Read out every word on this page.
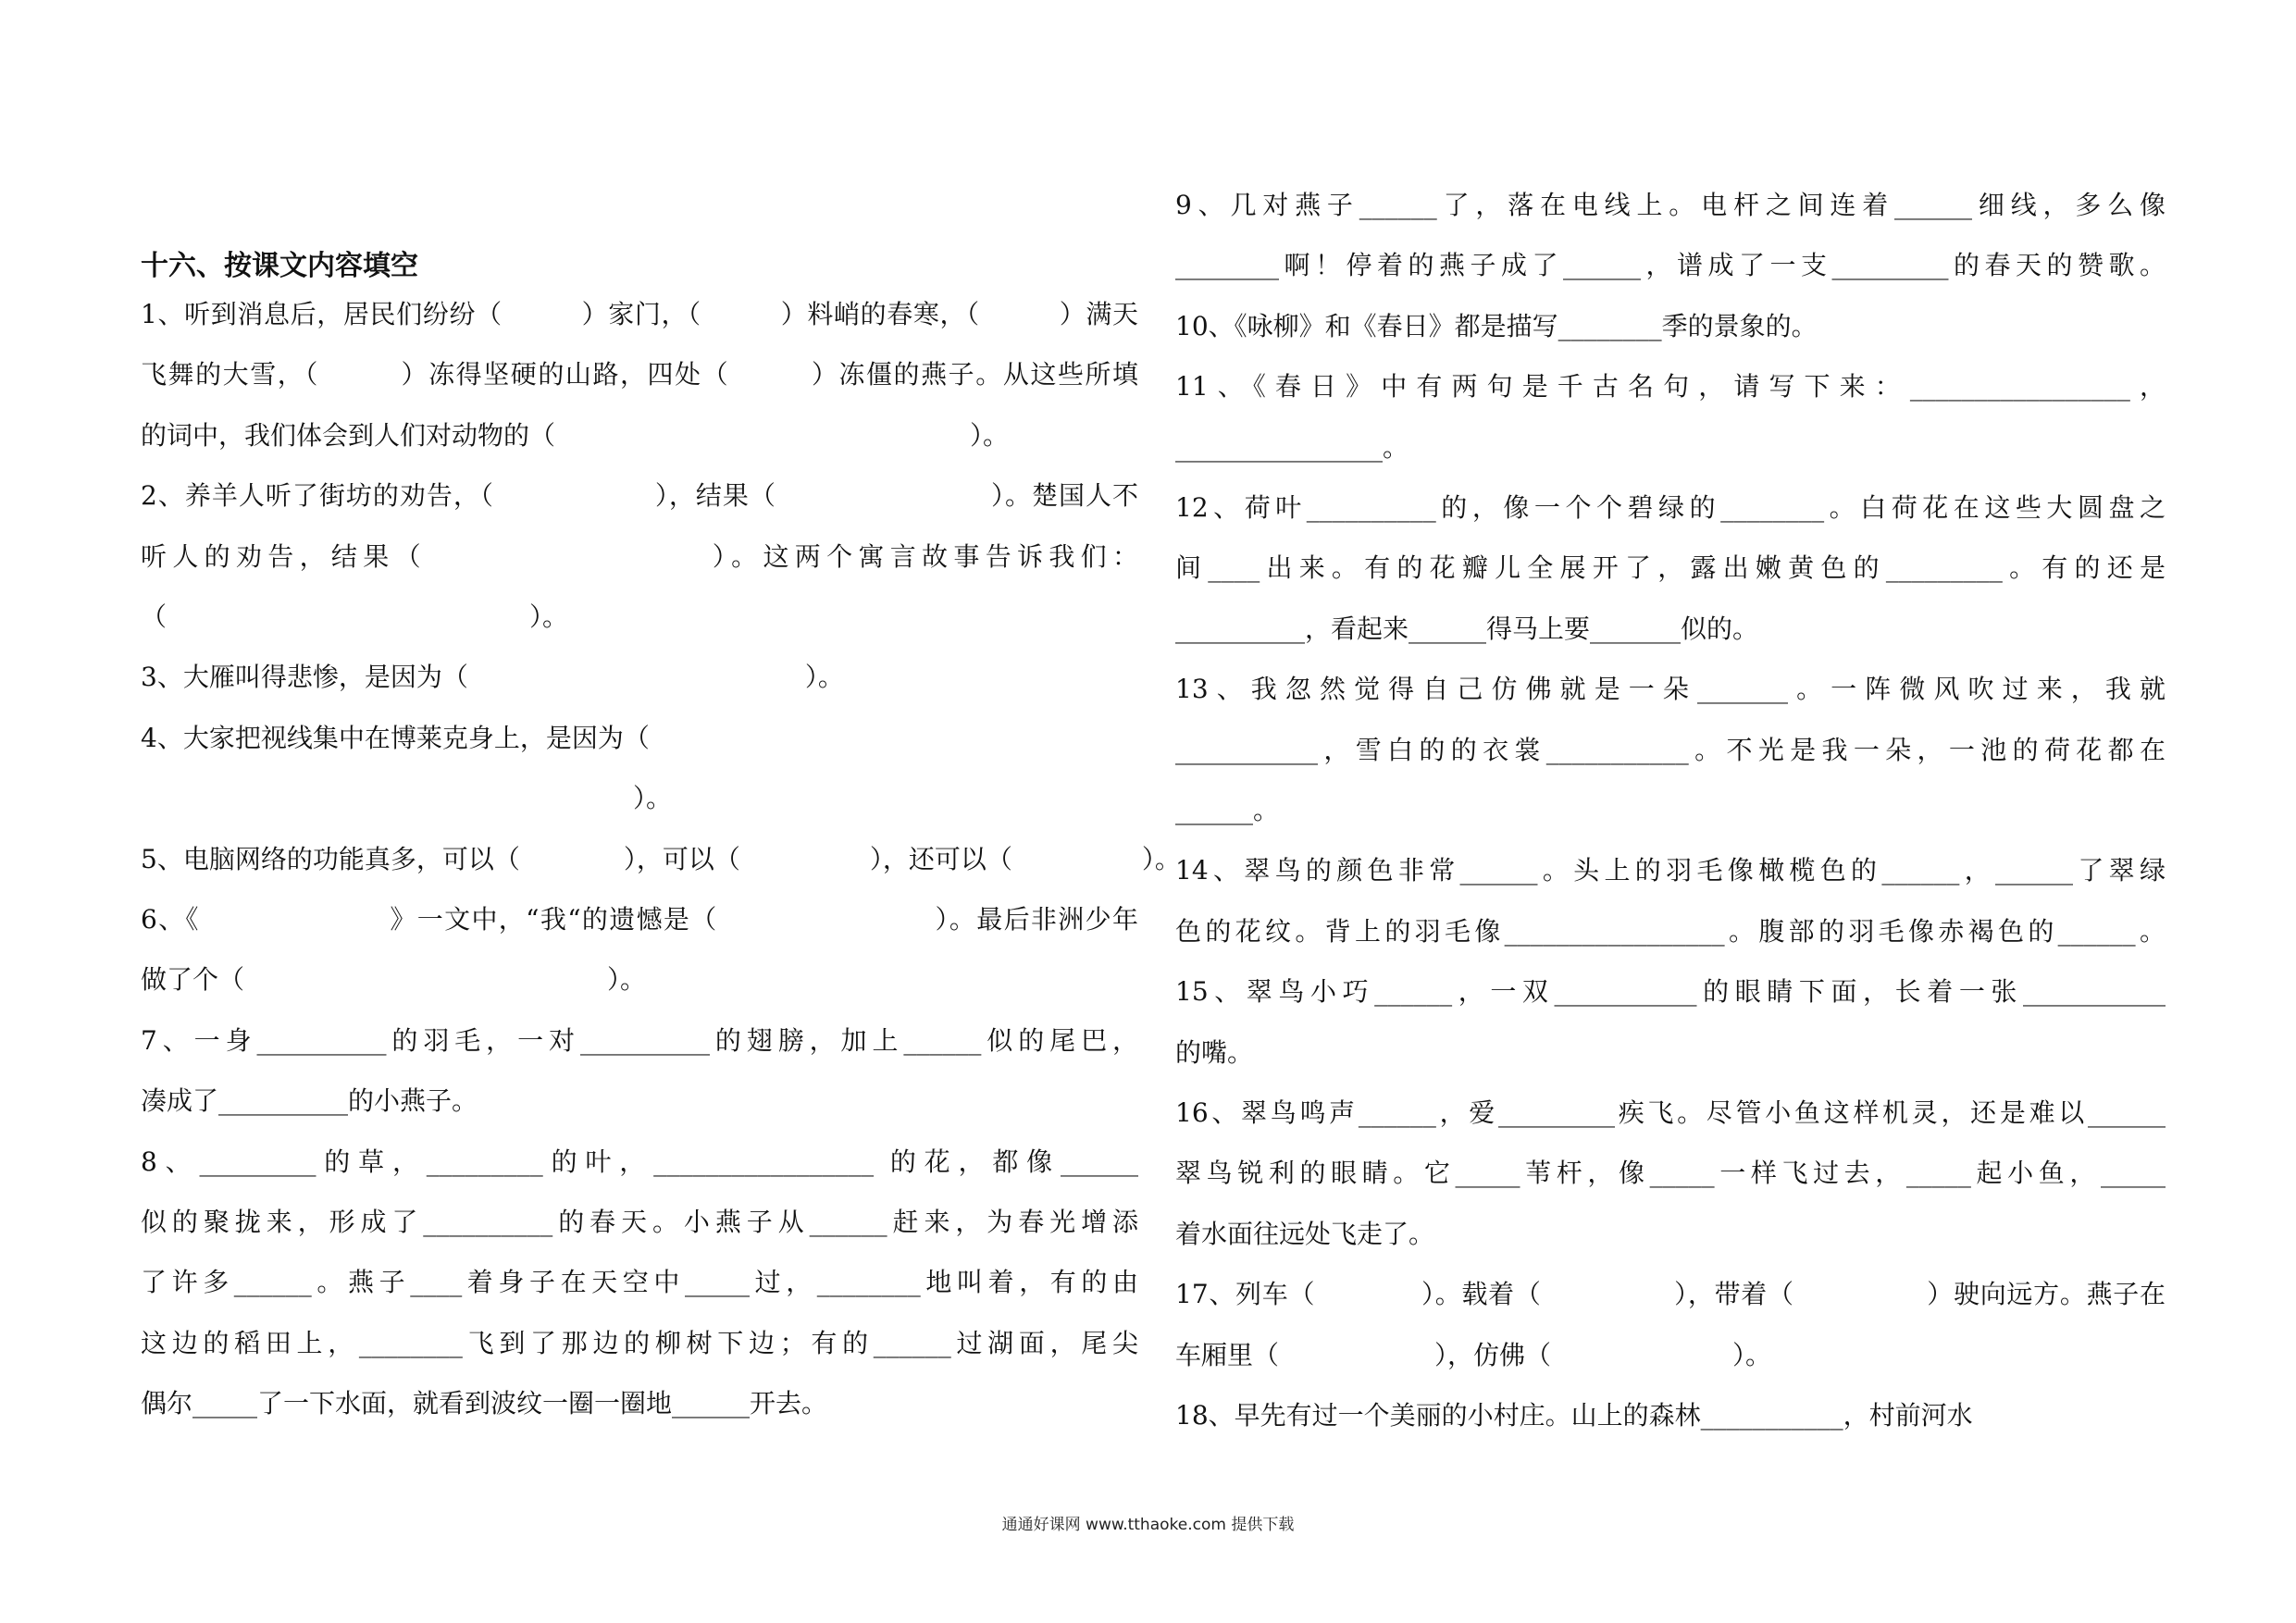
十六、按课文内容填空
1、听到消息后，居民们纷纷（　　　）家门，（　　　）料峭的春寒，（　　　）满天
飞舞的大雪，（　　　）冻得坚硬的山路，四处（　　　）冻僵的燕子。从这些所填
的词中，我们体会到人们对动物的（　　　　　　　　　　　　　　　　）。
2、养羊人听了街坊的劝告，（　　　　　　），结果（　　　　　　　　）。楚国人不
听人的劝告，结果（　　　　　　　　　）。这两个寓言故事告诉我们：
（　　　　　　　　　　　　　　）。
3、大雁叫得悲惨，是因为（　　　　　　　　　　　　　）。
4、大家把视线集中在博莱克身上，是因为（
　　　　　　　　　　　　　　　　　　　）。
5、电脑网络的功能真多，可以（　　　　），可以（　　　　　），还可以（　　　　　）。
6、《　　　　　　　》一文中，“我“的遗憾是（　　　　　　　　）。最后非洲少年
做了个（　　　　　　　　　　　　　　）。
7、一身__________的羽毛，一对__________的翅膀，加上______似的尾巴，
凑成了__________的小燕子。
8、_________的草，_________的叶，_________________ 的花，都像______
似的聚拢来，形成了__________的春天。小燕子从______赶来，为春光增添
了许多______。燕子____着身子在天空中_____过，________地叫着，有的由
这边的稻田上，________飞到了那边的柳树下边；有的______过湖面，尾尖
偶尔_____了一下水面，就看到波纹一圈一圈地______开去。
9、几对燕子______了，落在电线上。电杆之间连着______细线，多么像
________啊！停着的燕子成了______，谱成了一支_________的春天的赞歌。
10、《咏柳》和《春日》都是描写________季的景象的。
11、《春日》中有两句是千古名句，请写下来：_________________，
________________。
12、荷叶__________的，像一个个碧绿的________。白荷花在这些大圆盘之
间____出来。有的花瓣儿全展开了，露出嫩黄色的_________。有的还是
__________，看起来______得马上要_______似的。
13、我忽然觉得自己仿佛就是一朵_______。一阵微风吹过来，我就
___________，雪白的的衣裳___________。不光是我一朵，一池的荷花都在
______。
14、翠鸟的颜色非常______。头上的羽毛像橄榄色的______，______了翠绿
色的花纹。背上的羽毛像_________________。腹部的羽毛像赤褐色的______。
15、翠鸟小巧______，一双___________的眼睛下面，长着一张___________
的嘴。
16、翠鸟鸣声______，爱_________疾飞。尽管小鱼这样机灵，还是难以______
翠鸟锐利的眼睛。它_____苇杆，像_____一样飞过去，_____起小鱼，_____
着水面往远处飞走了。
17、列车（　　　　）。载着（　　　　　），带着（　　　　　）驶向远方。燕子在
车厢里（　　　　　　），仿佛（　　　　　　　）。
18、早先有过一个美丽的小村庄。山上的森林___________，村前河水
通通好课网 www.tthaoke.com 提供下载
